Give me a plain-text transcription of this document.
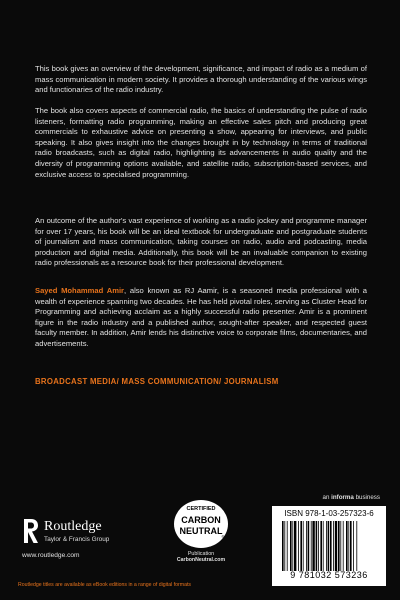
This book gives an overview of the development, significance, and impact of radio as a medium of mass communication in modern society. It provides a thorough understanding of the various wings and functionaries of the radio industry.

The book also covers aspects of commercial radio, the basics of understanding the pulse of radio listeners, formatting radio programming, making an effective sales pitch and producing great commercials to exhaustive advice on presenting a show, appearing for interviews, and public speaking. It also gives insight into the changes brought in by technology in terms of traditional radio broadcasts, such as digital radio, highlighting its advancements in audio quality and the diversity of programming options available, and satellite radio, subscription-based services, and exclusive access to specialised programming.

An outcome of the author's vast experience of working as a radio jockey and programme manager for over 17 years, his book will be an ideal textbook for undergraduate and postgraduate students of journalism and mass communication, taking courses on radio, audio and podcasting, media production and digital media. Additionally, this book will be an invaluable companion to existing radio professionals as a resource book for their professional development.

Sayed Mohammad Amir, also known as RJ Aamir, is a seasoned media professional with a wealth of experience spanning two decades. He has held pivotal roles, serving as Cluster Head for Programming and achieving acclaim as a highly successful radio presenter. Amir is a prominent figure in the radio industry and a published author, sought-after speaker, and respected guest faculty member. In addition, Amir lends his distinctive voice to corporate films, documentaries, and advertisements.

BROADCAST MEDIA/ MASS COMMUNICATION/ JOURNALISM
Routledge
Taylor & Francis Group
www.routledge.com
CERTIFIED
CARBON
NEUTRAL
®
Publication
CarbonNeutral.com
an informa business
ISBN 978-1-03-257323-6
9 781032 573236
Routledge titles are available as eBook editions in a range of digital formats
